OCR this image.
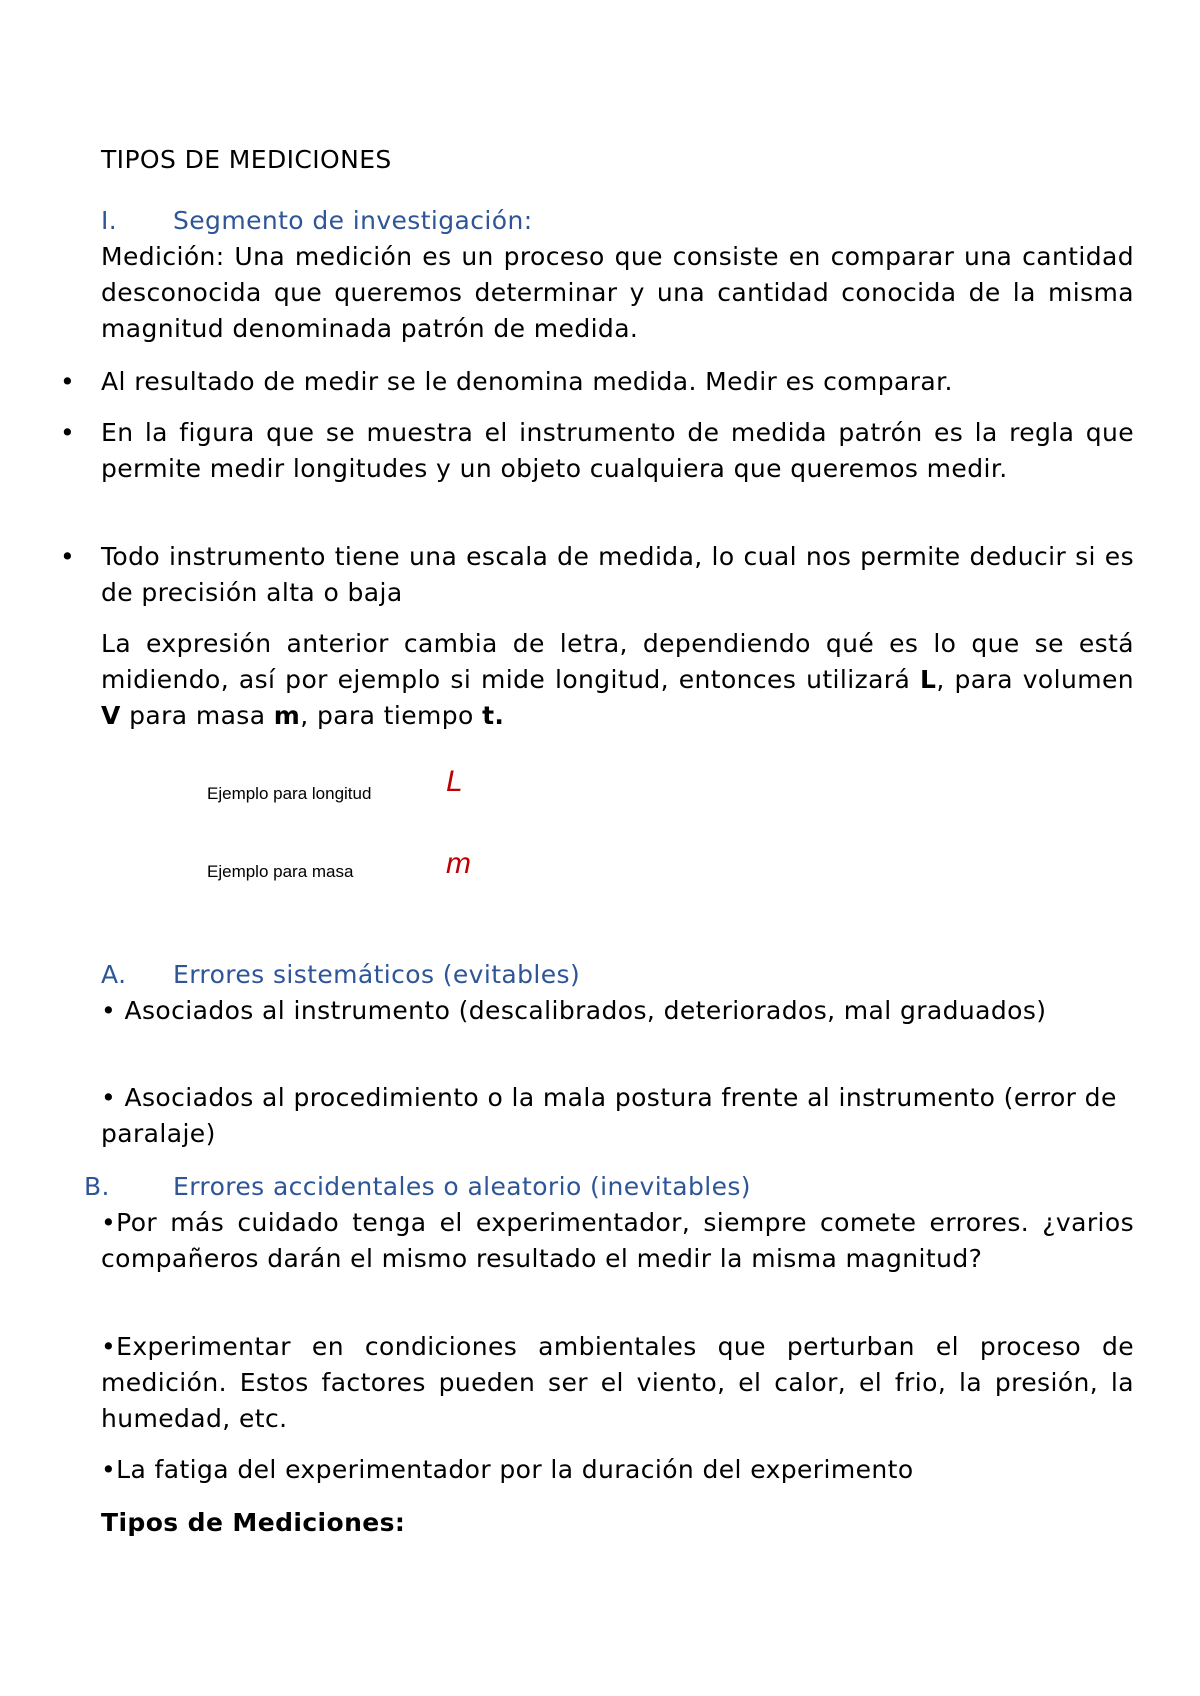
TIPOS DE MEDICIONES
I. Segmento de investigación:
Medición: Una medición es un proceso que consiste en comparar una cantidad desconocida que queremos determinar y una cantidad conocida de la misma magnitud denominada patrón de medida.
•	Al resultado de medir se le denomina medida. Medir es comparar.
•	En la figura que se muestra el instrumento de medida patrón es la regla que permite medir longitudes y un objeto cualquiera que queremos medir.
•	Todo instrumento tiene una escala de medida, lo cual nos permite deducir si es de precisión alta o baja
La expresión anterior cambia de letra, dependiendo qué es lo que se está midiendo, así por ejemplo si mide longitud, entonces utilizará L, para volumen V para masa m, para tiempo t.
Ejemplo para longitud L
Ejemplo para masa	m
A. Errores sistemáticos (evitables)
• Asociados al instrumento (descalibrados, deteriorados, mal graduados)
• Asociados al procedimiento o la mala postura frente al instrumento (error de paralaje)
B.	Errores accidentales o aleatorio (inevitables)
•Por más cuidado tenga el experimentador, siempre comete errores. ¿varios compañeros darán el mismo resultado el medir la misma magnitud?
•Experimentar en condiciones ambientales que perturban el proceso de medición. Estos factores pueden ser el viento, el calor, el frio, la presión, la humedad, etc.
•La fatiga del experimentador por la duración del experimento
Tipos de Mediciones:
